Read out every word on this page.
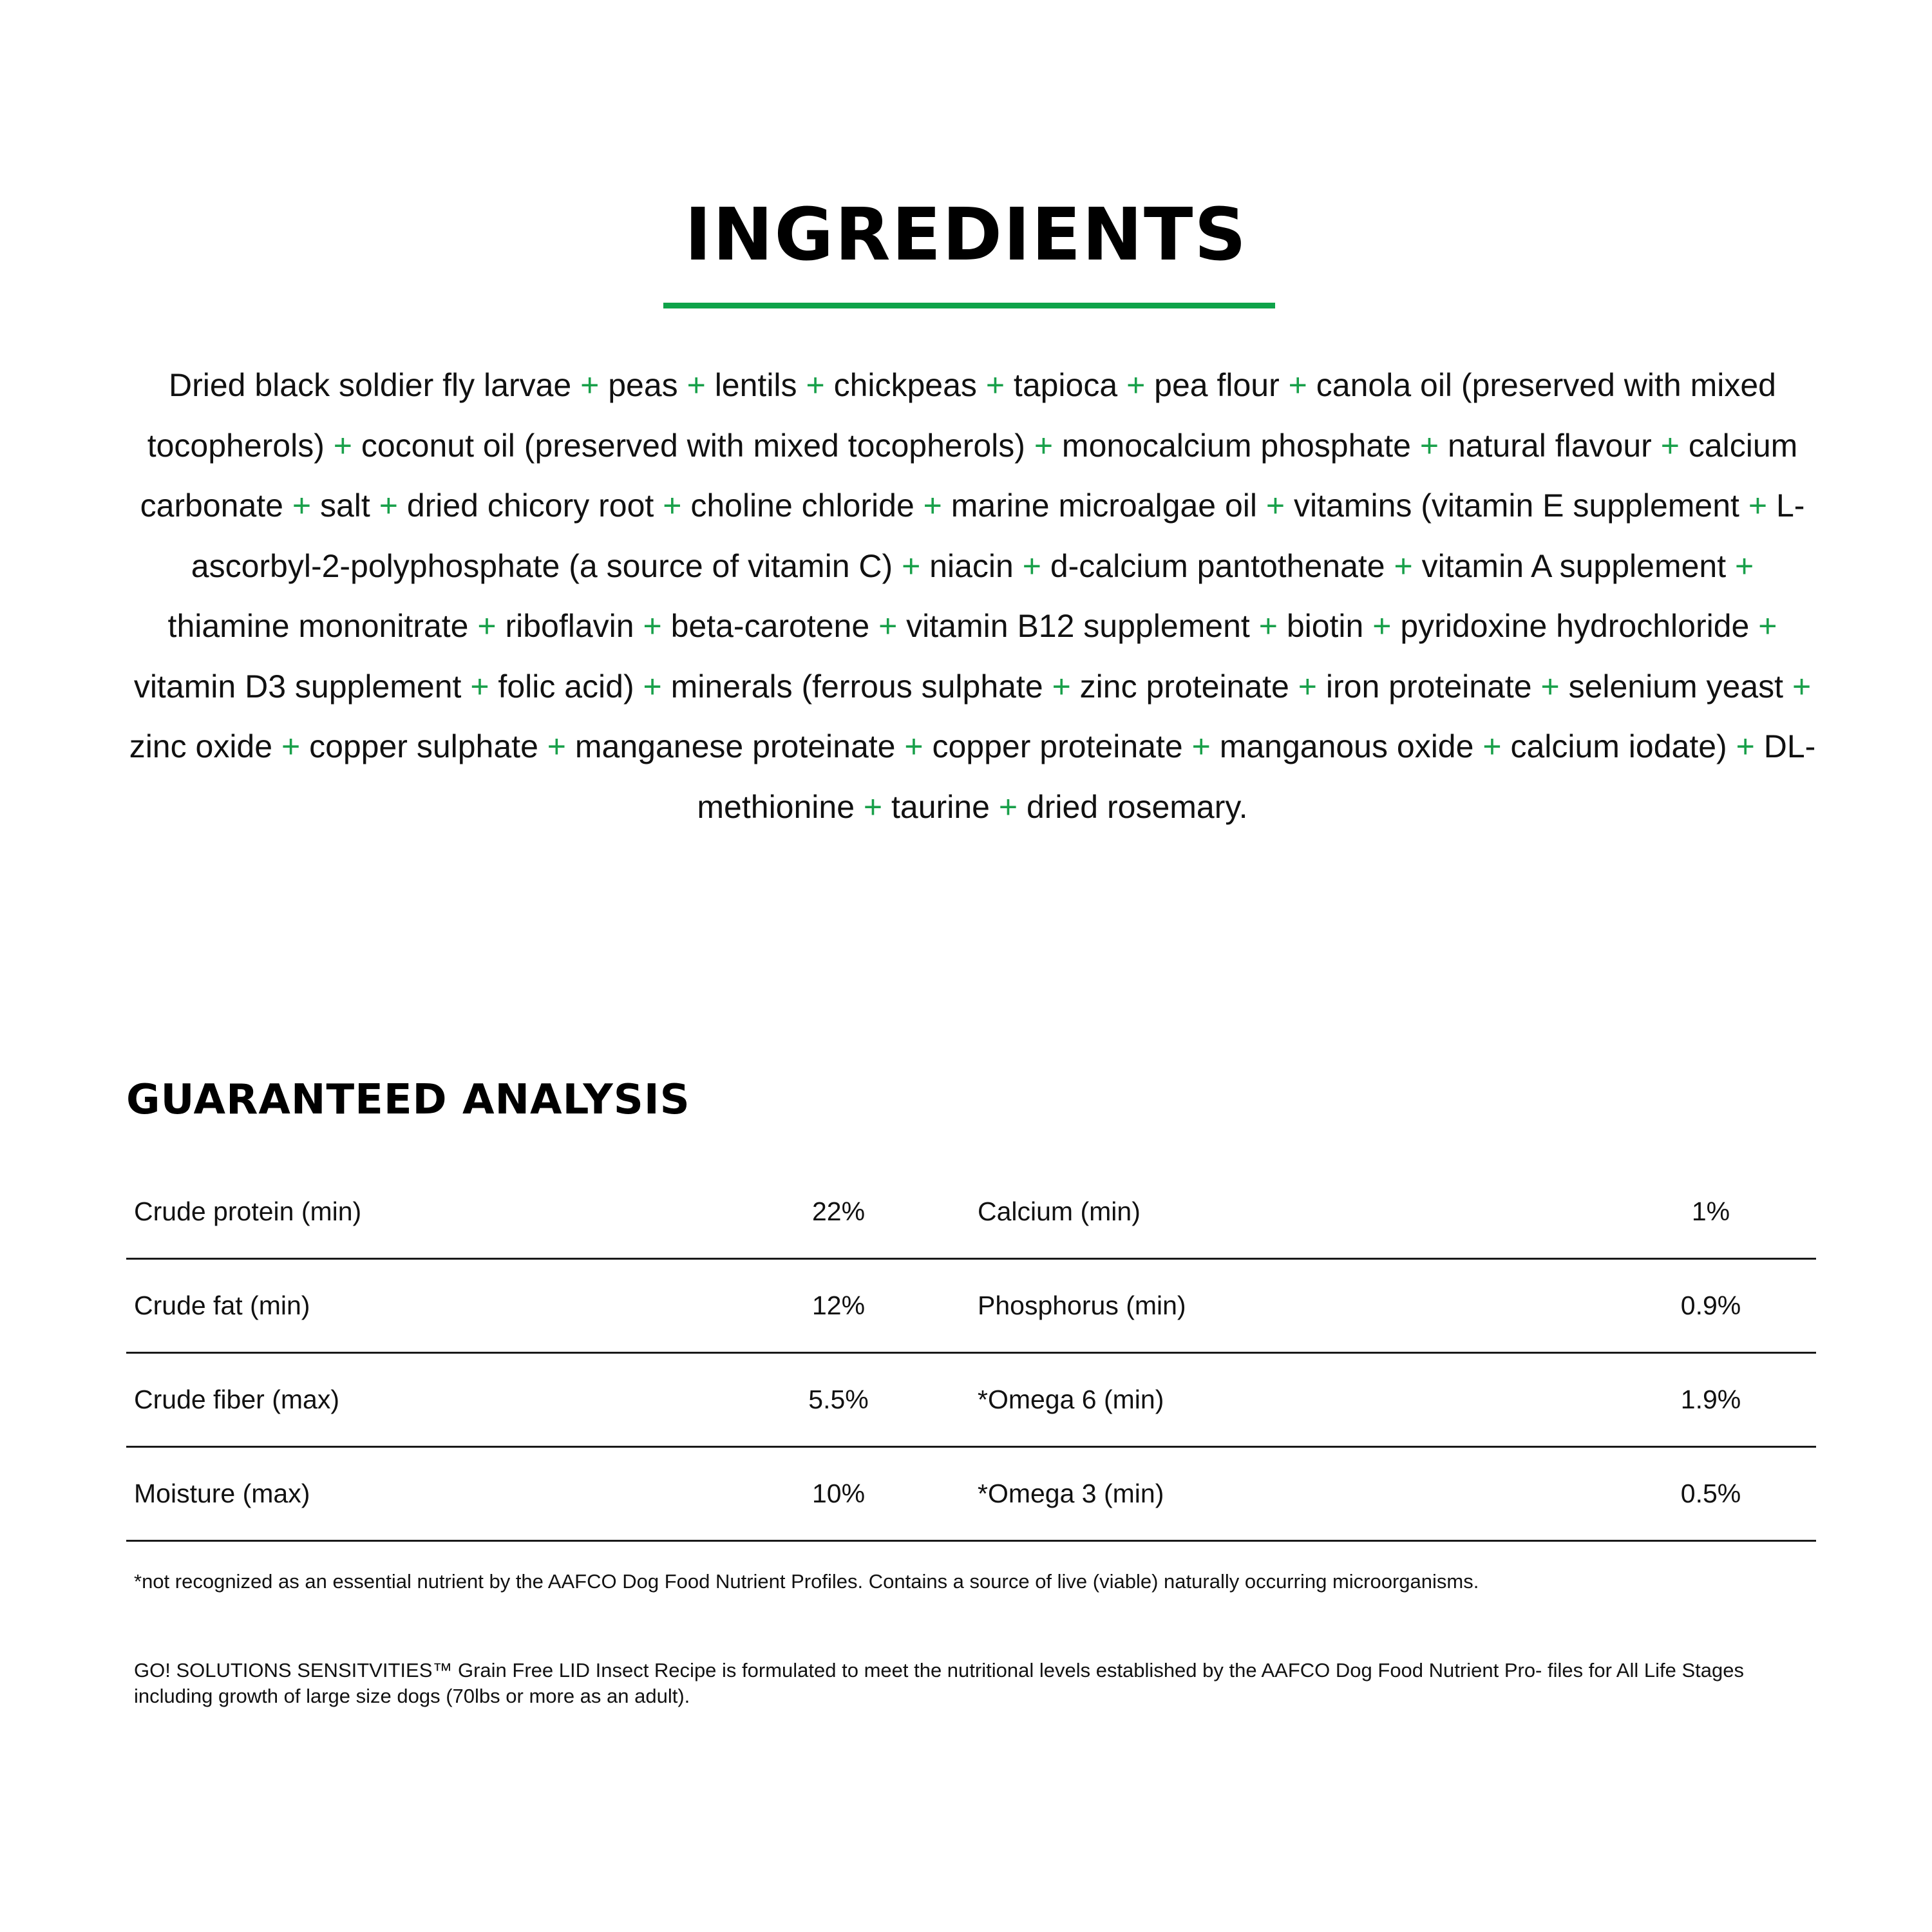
INGREDIENTS

Dried black soldier fly larvae + peas + lentils + chickpeas + tapioca + pea flour + canola oil (preserved with mixed tocopherols) + coconut oil (preserved with mixed tocopherols) + monocalcium phosphate + natural flavour + calcium carbonate + salt + dried chicory root + choline chloride + marine microalgae oil + vitamins (vitamin E supplement + L-ascorbyl-2-polyphosphate (a source of vitamin C) + niacin + d-calcium pantothenate + vitamin A supplement + thiamine mononitrate + riboflavin + beta-carotene + vitamin B12 supplement + biotin + pyridoxine hydrochloride + vitamin D3 supplement + folic acid) + minerals (ferrous sulphate + zinc proteinate + iron proteinate + selenium yeast + zinc oxide + copper sulphate + manganese proteinate + copper proteinate + manganous oxide + calcium iodate) + DL-methionine + taurine + dried rosemary.

GUARANTEED ANALYSIS
Crude protein (min)	22%	Calcium (min)	1%
Crude fat (min)	12%	Phosphorus (min)	0.9%
Crude fiber (max)	5.5%	*Omega 6 (min)	1.9%
Moisture (max)	10%	*Omega 3 (min)	0.5%

*not recognized as an essential nutrient by the AAFCO Dog Food Nutrient Profiles. Contains a source of live (viable) naturally occurring microorganisms.

GO! SOLUTIONS SENSITVITIES™ Grain Free LID Insect Recipe is formulated to meet the nutritional levels established by the AAFCO Dog Food Nutrient Pro- files for All Life Stages including growth of large size dogs (70lbs or more as an adult).
